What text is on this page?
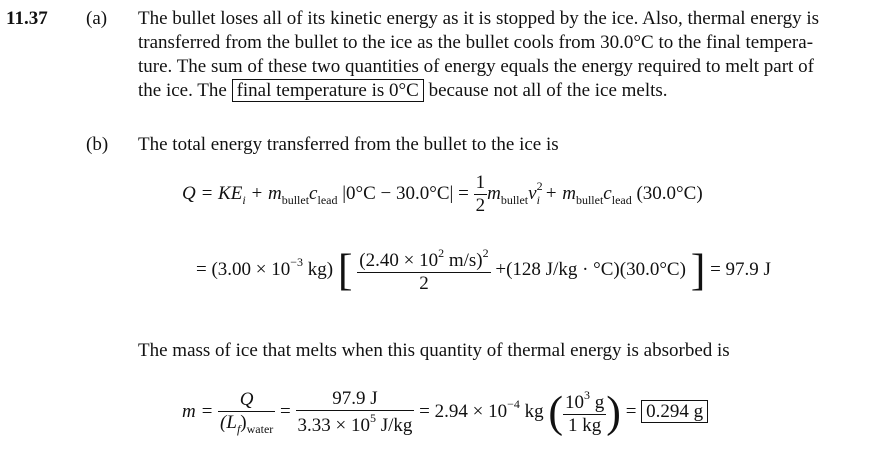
11.37 (a) The bullet loses all of its kinetic energy as it is stopped by the ice. Also, thermal energy is
transferred from the bullet to the ice as the bullet cools from 30.0°C to the final tempera-
ture. The sum of these two quantities of energy equals the energy required to melt part of
the ice. The final temperature is 0°C because not all of the ice melts.
(b) The total energy transferred from the bullet to the ice is
$Q = KE_i + m_{bullet}c_{lead}$ $|0^\circ C - 30.0^\circ C| = \frac{1}{2} m_{bullet}v^2_i + m_{bullet}c_{lead}$ (30.0°C)
= ($3.00 \times 10^{-3}$ kg) [ $\frac{(2.40 \times 10^2 m/s)^2}{2} +(128$ J/kg · °C)(30.0°C) ] = 97.9 J
The mass of ice that melts when this quantity of thermal energy is absorbed is
$m = \frac{Q}{(L_f)_{water}} = \frac{97.9 J}{3.33 \times 10^5 J/kg} = 2.94 \times 10^{-4}$ kg ( $\frac{10^3 g}{1 kg}$ ) = 0.294 g
